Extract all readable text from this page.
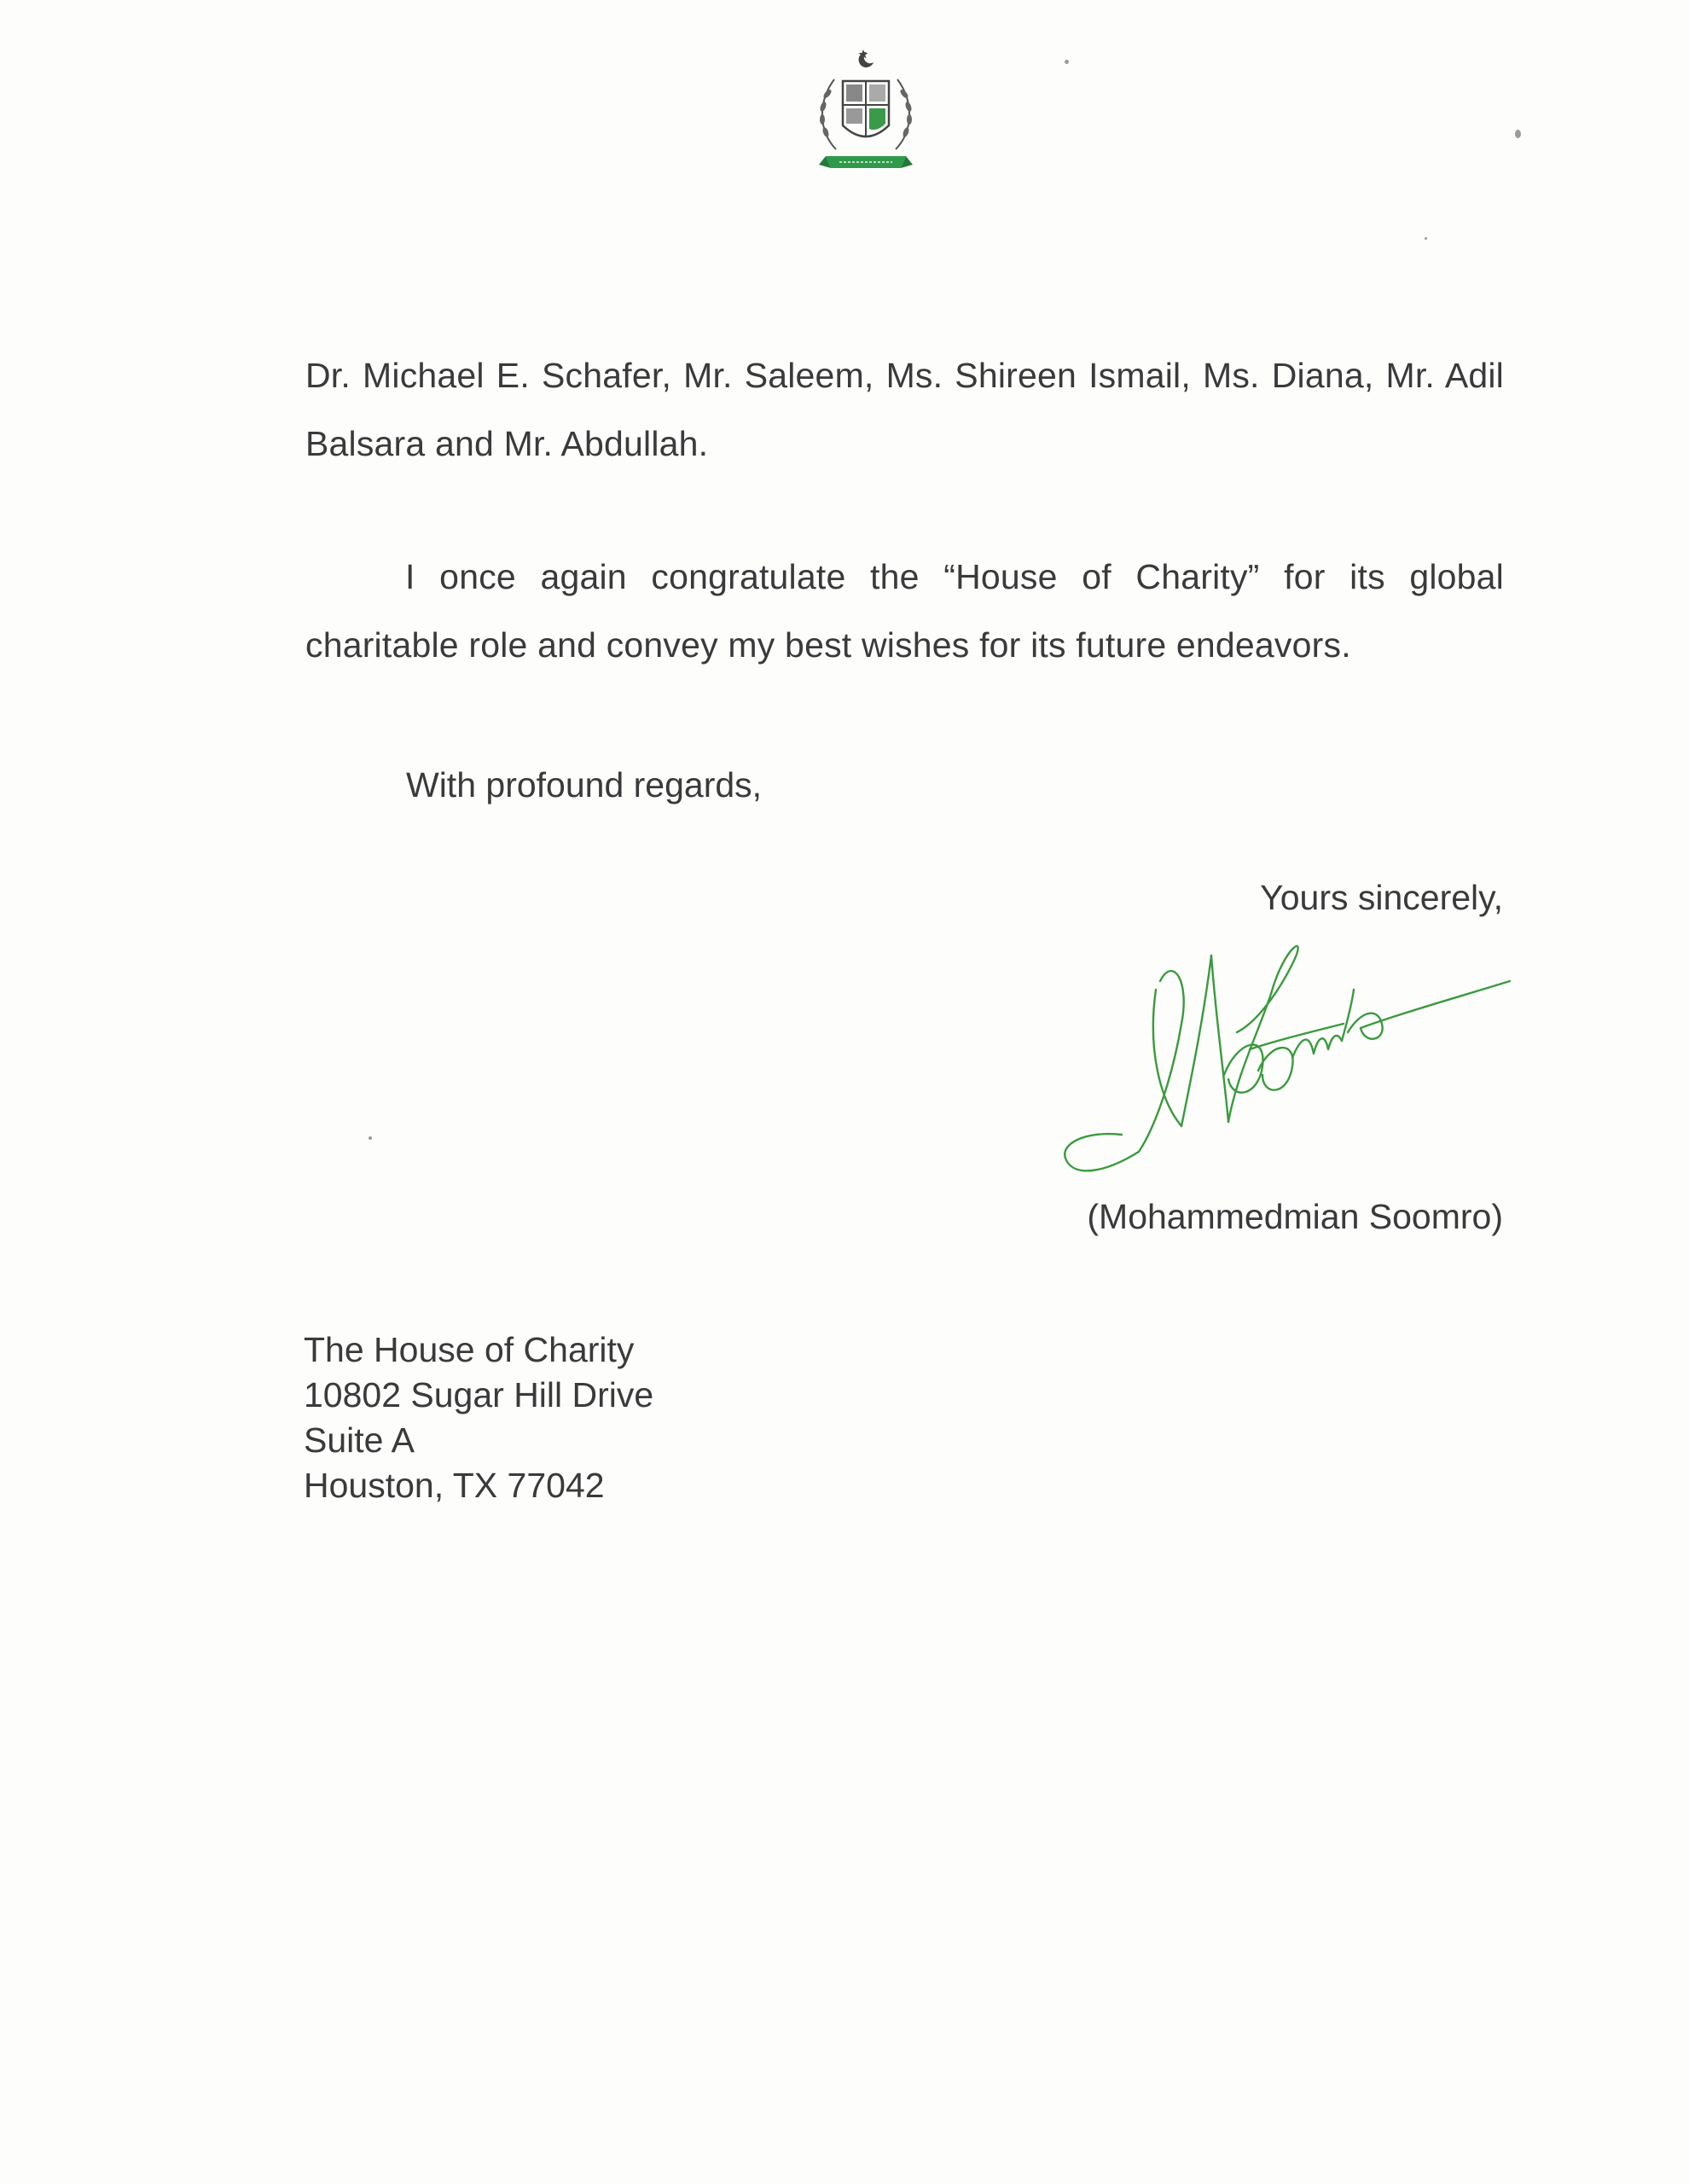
Dr. Michael E. Schafer, Mr. Saleem, Ms. Shireen Ismail, Ms. Diana, Mr. Adil Balsara and Mr. Abdullah.
I once again congratulate the “House of Charity” for its global charitable role and convey my best wishes for its future endeavors.
With profound regards,
Yours sincerely,
(Mohammedmian Soomro)
The House of Charity
10802 Sugar Hill Drive
Suite A
Houston, TX 77042
